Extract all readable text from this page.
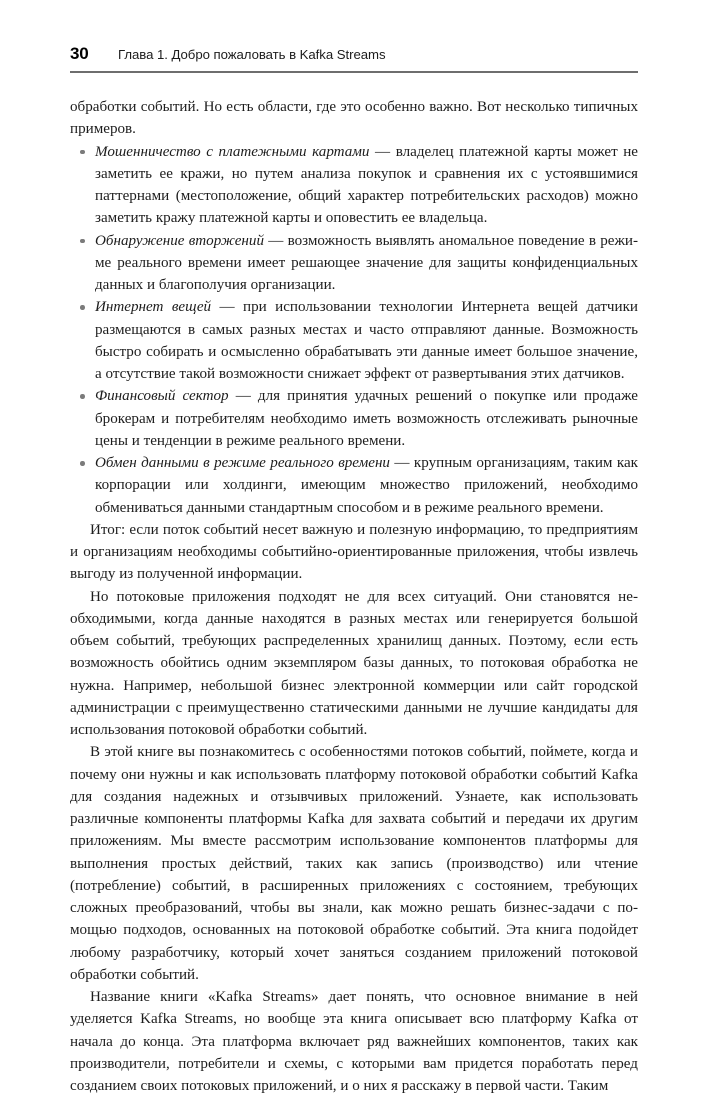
30	Глава 1. Добро пожаловать в Kafka Streams

обработки событий. Но есть области, где это особенно важно. Вот несколько типичных примеров.

Мошенничество с платежными картами — владелец платежной карты может не заметить ее кражи, но путем анализа покупок и сравнения их с устоявшимися паттернами (местоположение, общий характер потребительских расходов) можно заметить кражу платежной карты и оповестить ее владельца.
Обнаружение вторжений — возможность выявлять аномальное поведение в режиме реального времени имеет решающее значение для защиты конфиденциальных данных и благополучия организации.
Интернет вещей — при использовании технологии Интернета вещей датчики размещаются в самых разных местах и часто отправляют данные. Возможность быстро собирать и осмысленно обрабатывать эти данные имеет большое значение, а отсутствие такой возможности снижает эффект от развертывания этих датчиков.
Финансовый сектор — для принятия удачных решений о покупке или продаже брокерам и потребителям необходимо иметь возможность отслеживать рыночные цены и тенденции в режиме реального времени.
Обмен данными в режиме реального времени — крупным организациям, таким как корпорации или холдинги, имеющим множество приложений, необходимо обмениваться данными стандартным способом и в режиме реального времени.

Итог: если поток событий несет важную и полезную информацию, то предприятиям и организациям необходимы событийно-ориентированные приложения, чтобы извлечь выгоду из полученной информации.

Но потоковые приложения подходят не для всех ситуаций. Они становятся необходимыми, когда данные находятся в разных местах или генерируется большой объем событий, требующих распределенных хранилищ данных. Поэтому, если есть возможность обойтись одним экземпляром базы данных, то потоковая обработка не нужна. Например, небольшой бизнес электронной коммерции или сайт городской администрации с преимущественно статическими данными не лучшие кандидаты для использования потоковой обработки событий.

В этой книге вы познакомитесь с особенностями потоков событий, поймете, когда и почему они нужны и как использовать платформу потоковой обработки событий Kafka для создания надежных и отзывчивых приложений. Узнаете, как использовать различные компоненты платформы Kafka для захвата событий и передачи их другим приложениям. Мы вместе рассмотрим использование компонентов платформы для выполнения простых действий, таких как запись (производство) или чтение (потребление) событий, в расширенных приложениях с состоянием, требующих сложных преобразований, чтобы вы знали, как можно решать бизнес-задачи с помощью подходов, основанных на потоковой обработке событий. Эта книга подойдет любому разработчику, который хочет заняться созданием приложений потоковой обработки событий.

Название книги «Kafka Streams» дает понять, что основное внимание в ней уделяется Kafka Streams, но вообще эта книга описывает всю платформу Kafka от начала до конца. Эта платформа включает ряд важнейших компонентов, таких как производители, потребители и схемы, с которыми вам придется поработать перед созданием своих потоковых приложений, и о них я расскажу в первой части. Таким
